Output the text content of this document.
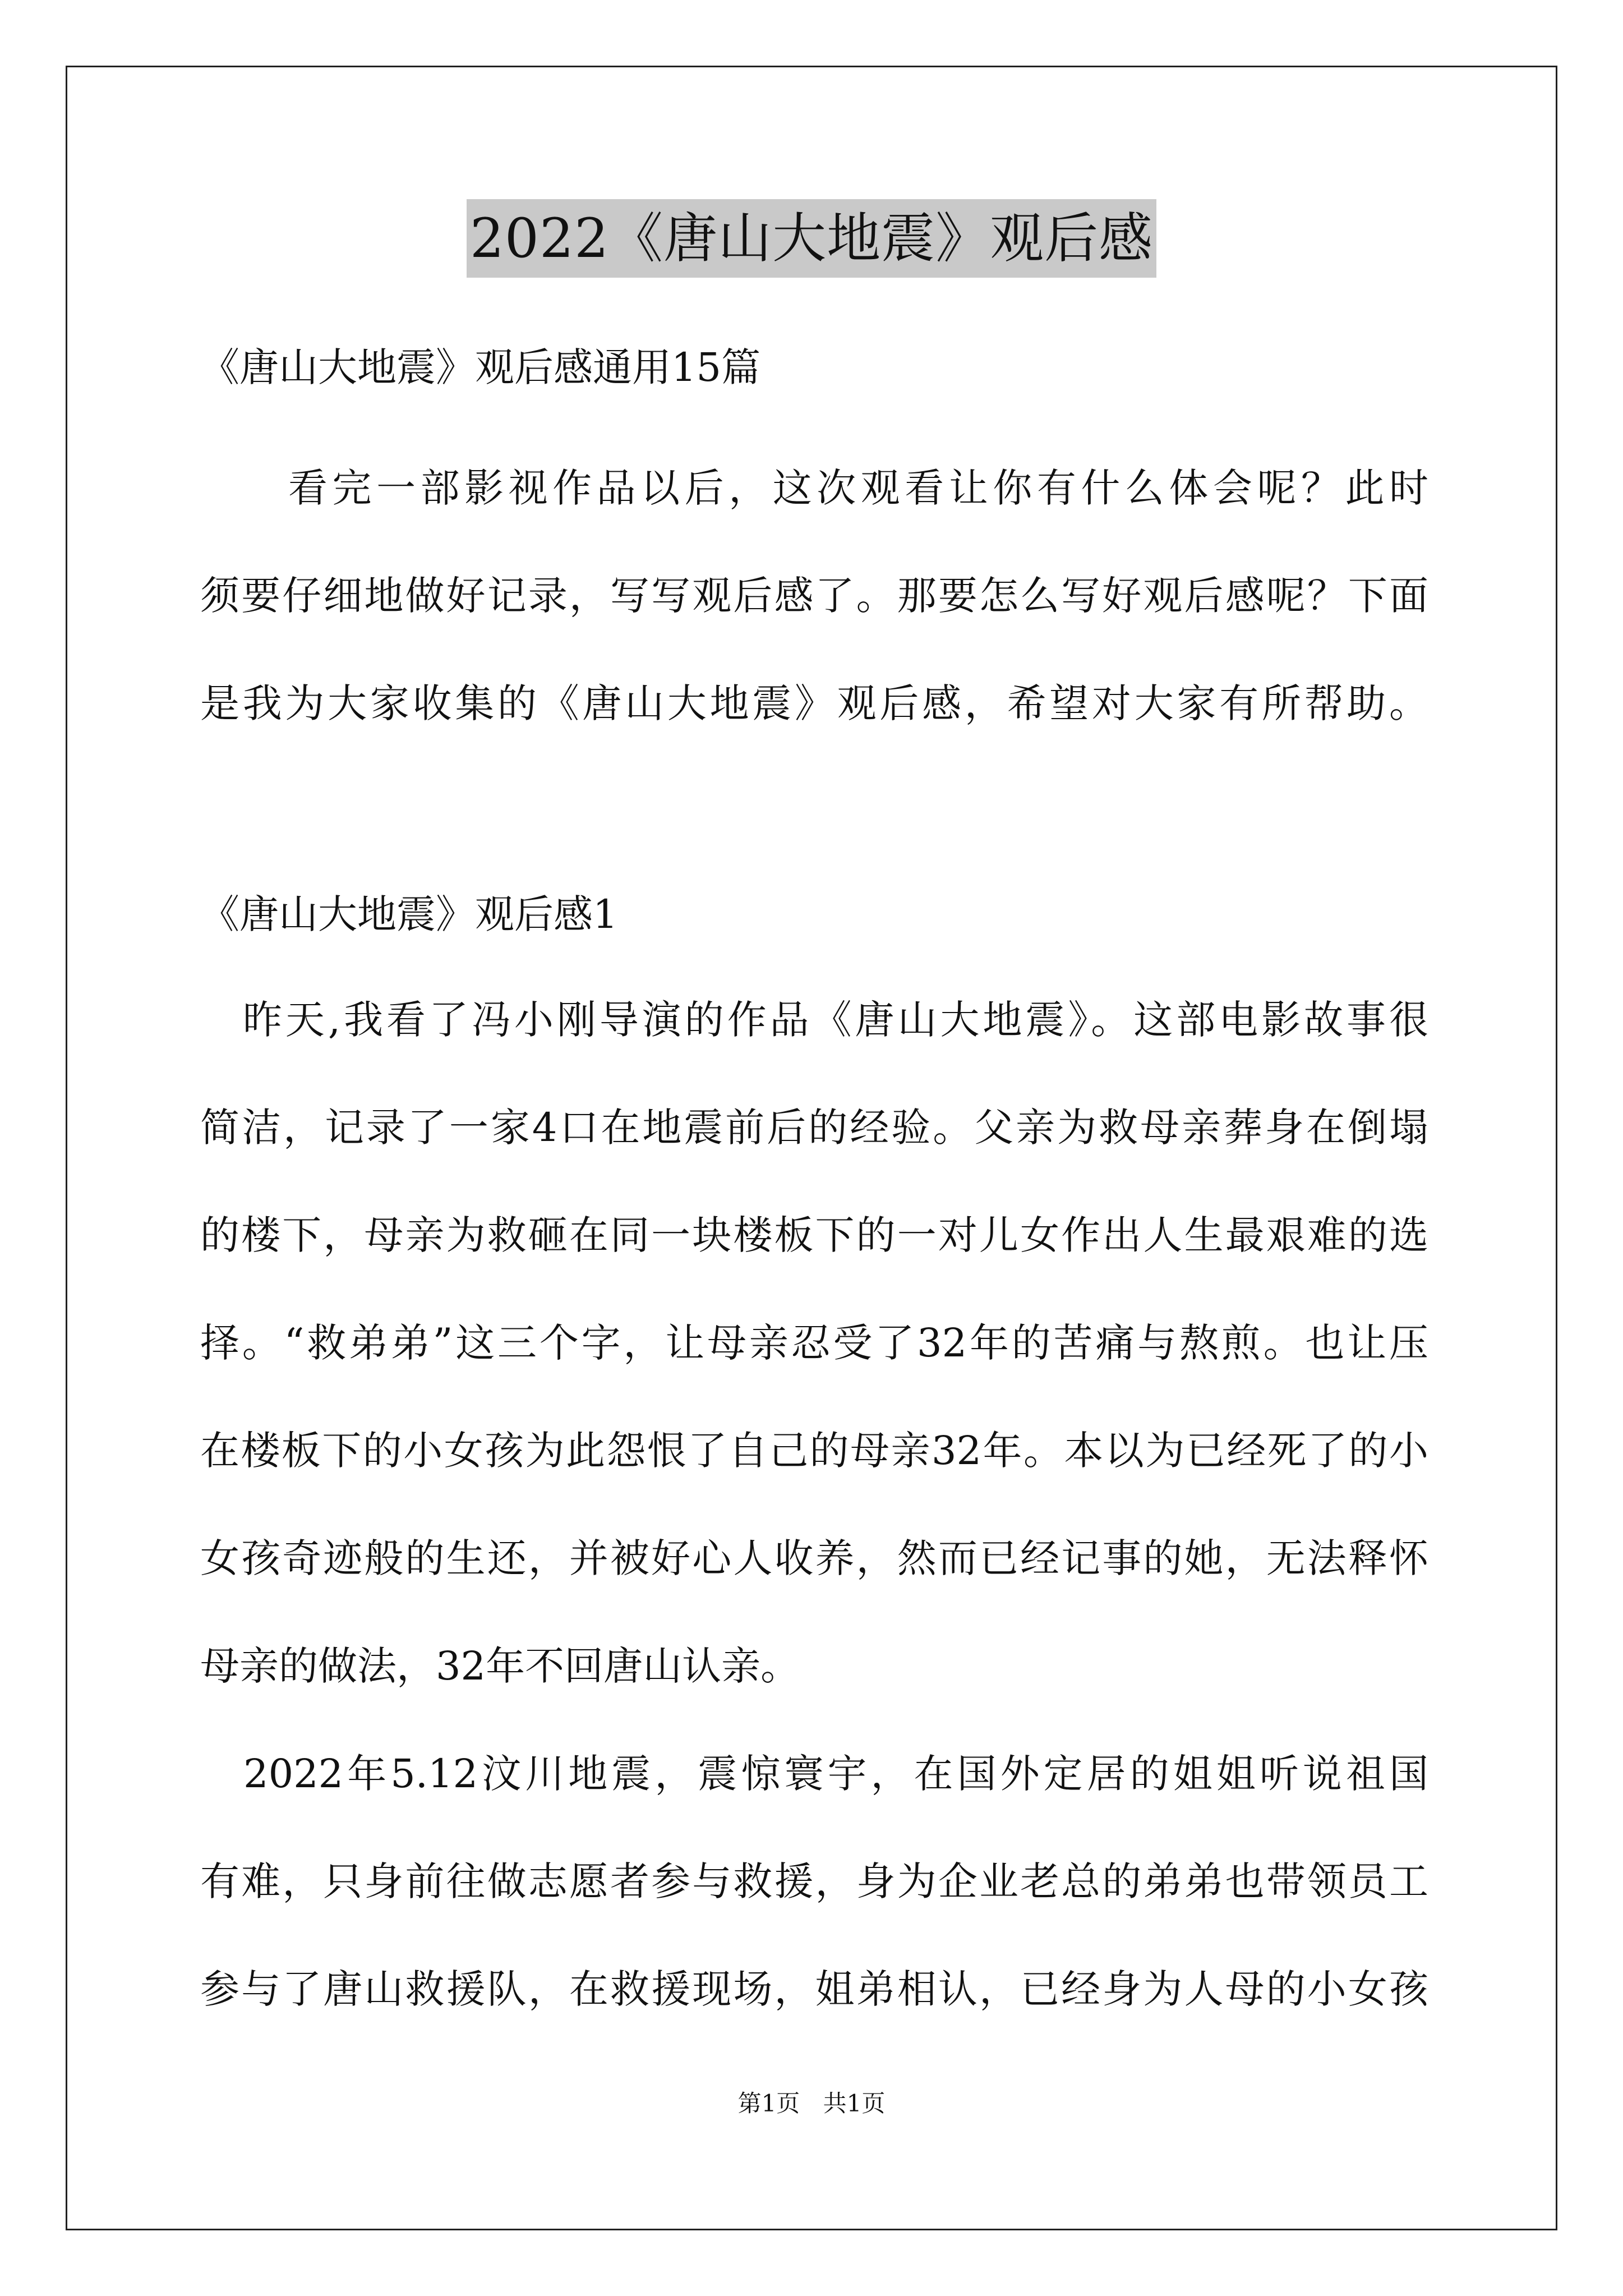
2022《唐山大地震》观后感
《唐山大地震》观后感通用15篇
　　看完一部影视作品以后，这次观看让你有什么体会呢？此时
须要仔细地做好记录，写写观后感了。那要怎么写好观后感呢？下面
是我为大家收集的《唐山大地震》观后感，希望对大家有所帮助。
《唐山大地震》观后感1
　昨天,我看了冯小刚导演的作品《唐山大地震》。这部电影故事很
简洁，记录了一家4口在地震前后的经验。父亲为救母亲葬身在倒塌
的楼下，母亲为救砸在同一块楼板下的一对儿女作出人生最艰难的选
择。“救弟弟”这三个字，让母亲忍受了32年的苦痛与熬煎。也让压
在楼板下的小女孩为此怨恨了自己的母亲32年。本以为已经死了的小
女孩奇迹般的生还，并被好心人收养，然而已经记事的她，无法释怀
母亲的做法，32年不回唐山认亲。
　2022年5.12汶川地震，震惊寰宇，在国外定居的姐姐听说祖国
有难，只身前往做志愿者参与救援，身为企业老总的弟弟也带领员工
参与了唐山救援队，在救援现场，姐弟相认，已经身为人母的小女孩
第1页 共1页
